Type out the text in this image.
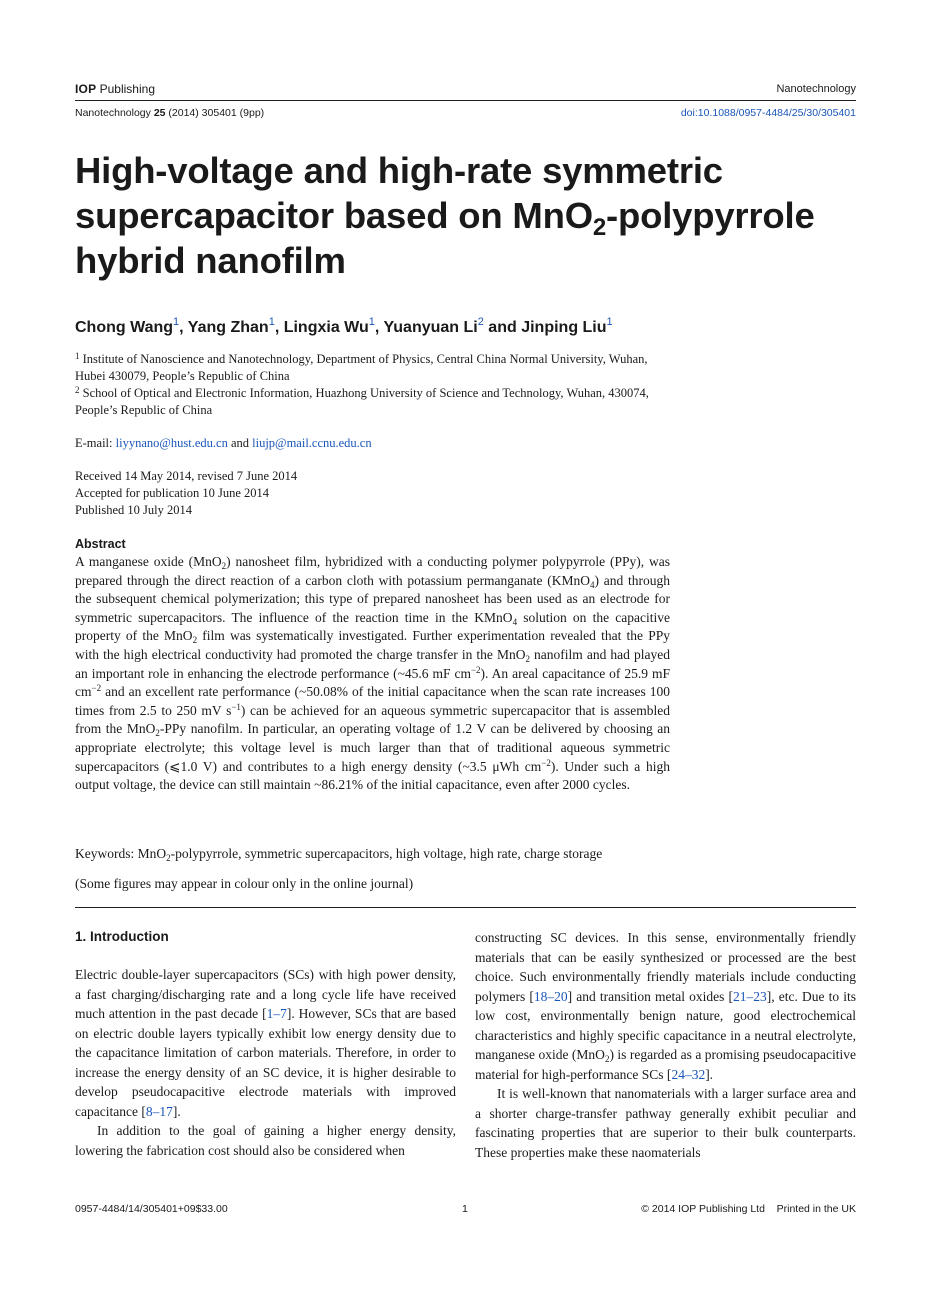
IOP Publishing	Nanotechnology
Nanotechnology 25 (2014) 305401 (9pp)	doi:10.1088/0957-4484/25/30/305401
High-voltage and high-rate symmetric
supercapacitor based on MnO$_2$-polypyrrole
hybrid nanofilm
Chong Wang$^1$, Yang Zhan$^1$, Lingxia Wu$^1$, Yuanyuan Li$^2$ and Jinping Liu$^1$
$^1$ Institute of Nanoscience and Nanotechnology, Department of Physics, Central China Normal University, Wuhan, Hubei 430079, People’s Republic of China
$^2$ School of Optical and Electronic Information, Huazhong University of Science and Technology, Wuhan, 430074, People’s Republic of China
E-mail: liyynano@hust.edu.cn and liujp@mail.ccnu.edu.cn
Received 14 May 2014, revised 7 June 2014
Accepted for publication 10 June 2014
Published 10 July 2014
Abstract
A manganese oxide (MnO$_2$) nanosheet film, hybridized with a conducting polymer polypyrrole (PPy), was prepared through the direct reaction of a carbon cloth with potassium permanganate (KMnO$_4$) and through the subsequent chemical polymerization; this type of prepared nanosheet has been used as an electrode for symmetric supercapacitors. The influence of the reaction time in the KMnO$_4$ solution on the capacitive property of the MnO$_2$ film was systematically investigated. Further experimentation revealed that the PPy with the high electrical conductivity had promoted the charge transfer in the MnO$_2$ nanofilm and had played an important role in enhancing the electrode performance (~45.6 mF $cm^{-2}$). An areal capacitance of 25.9 mF $cm^{-2}$ and an excellent rate performance (~50.08% of the initial capacitance when the scan rate increases 100 times from 2.5 to 250 mV $s^{-1}$) can be achieved for an aqueous symmetric supercapacitor that is assembled from the MnO$_2$-PPy nanofilm. In particular, an operating voltage of 1.2 V can be delivered by choosing an appropriate electrolyte; this voltage level is much larger than that of traditional aqueous symmetric supercapacitors (⩽1.0 V) and contributes to a high energy density (~3.5 μWh $cm^{-2}$). Under such a high output voltage, the device can still maintain ~86.21% of the initial capacitance, even after 2000 cycles.
Keywords: MnO$_2$-polypyrrole, symmetric supercapacitors, high voltage, high rate, charge storage
(Some figures may appear in colour only in the online journal)
1. Introduction

Electric double-layer supercapacitors (SCs) with high power density, a fast charging/discharging rate and a long cycle life have received much attention in the past decade [1–7]. However, SCs that are based on electric double layers typically exhibit low energy density due to the capacitance limitation of carbon materials. Therefore, in order to increase the energy density of an SC device, it is higher desirable to develop pseudocapacitive electrode materials with improved capacitance [8–17].

In addition to the goal of gaining a higher energy density, lowering the fabrication cost should also be considered when

constructing SC devices. In this sense, environmentally friendly materials that can be easily synthesized or processed are the best choice. Such environmentally friendly materials include conducting polymers [18–20] and transition metal oxides [21–23], etc. Due to its low cost, environmentally benign nature, good electrochemical characteristics and highly specific capacitance in a neutral electrolyte, manganese oxide (MnO$_2$) is regarded as a promising pseudocapacitive material for high-performance SCs [24–32].

It is well-known that nanomaterials with a larger surface area and a shorter charge-transfer pathway generally exhibit peculiar and fascinating properties that are superior to their bulk counterparts. These properties make these naomaterials

0957-4484/14/305401+09$33.00	1	© 2014 IOP Publishing Ltd    Printed in the UK
